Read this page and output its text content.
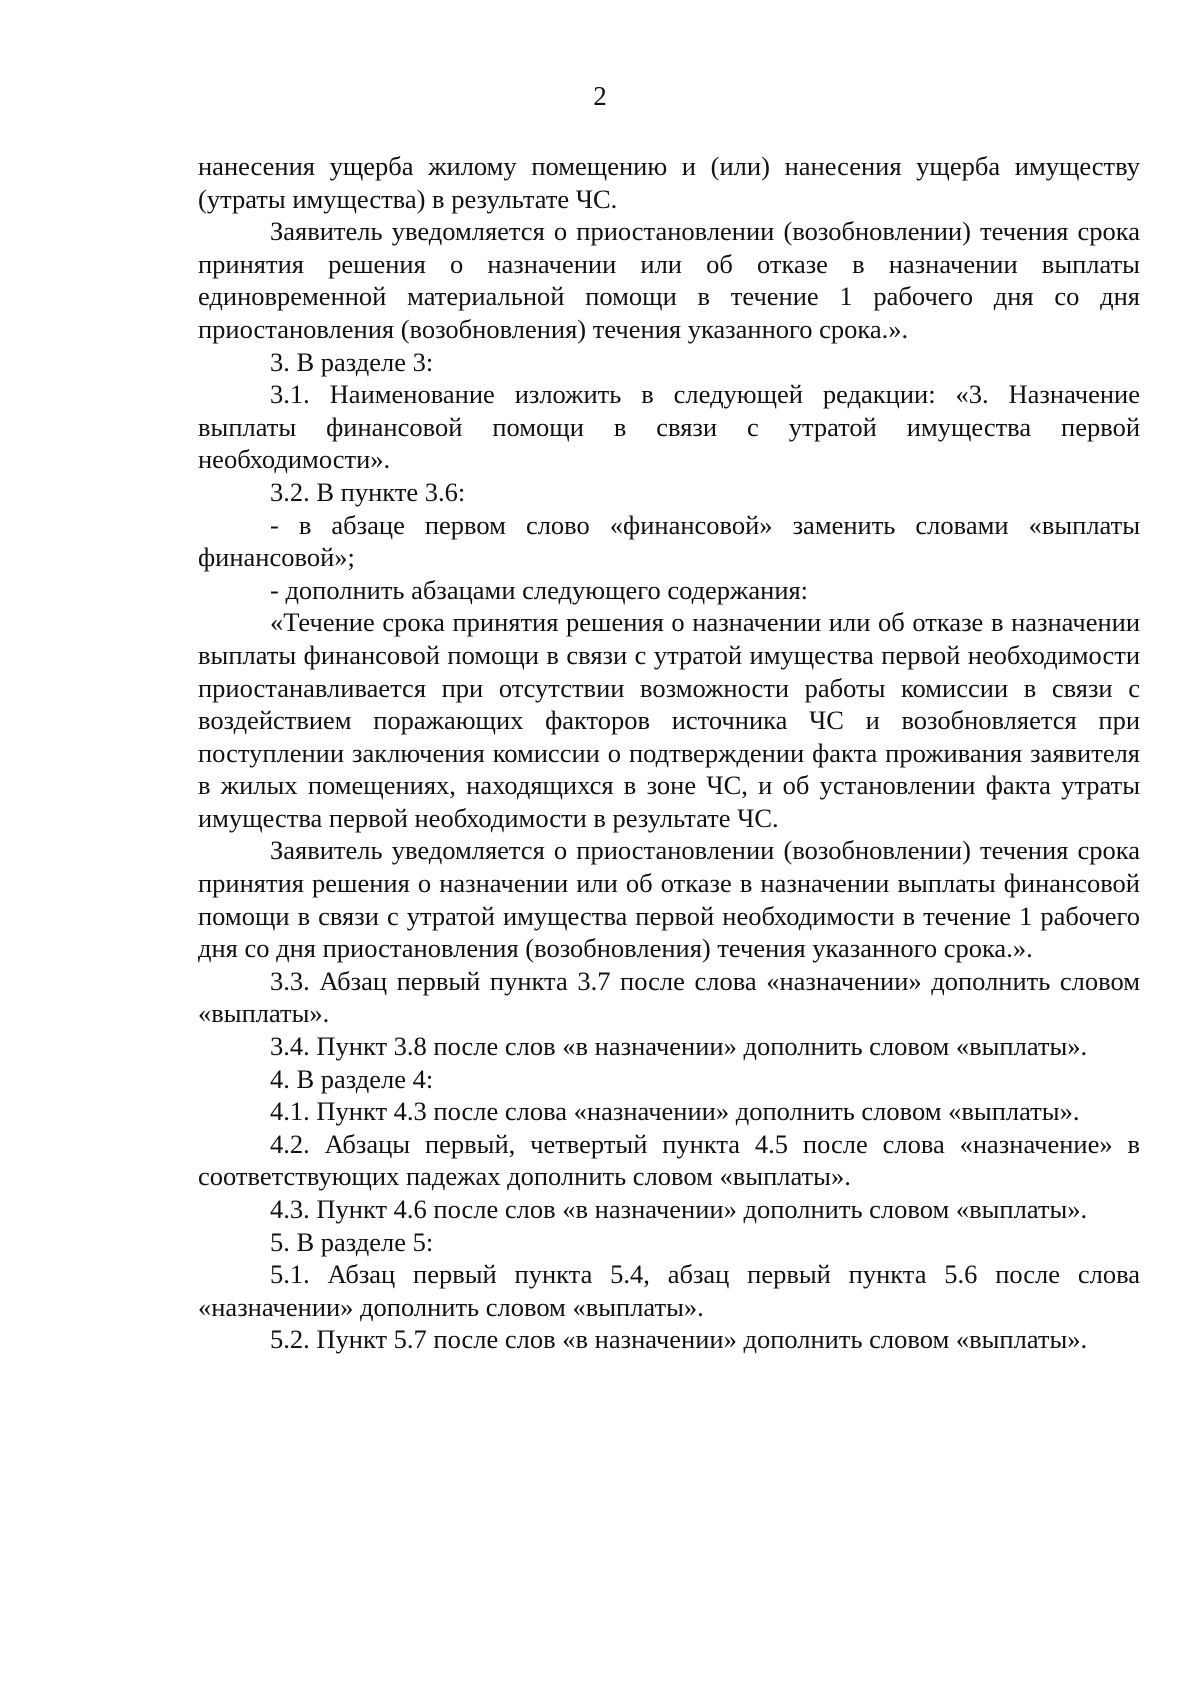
2

нанесения ущерба жилому помещению и (или) нанесения ущерба имуществу (утраты имущества) в результате ЧС.

Заявитель уведомляется о приостановлении (возобновлении) течения срока принятия решения о назначении или об отказе в назначении выплаты единовременной материальной помощи в течение 1 рабочего дня со дня приостановления (возобновления) течения указанного срока.».

3. В разделе 3:

3.1. Наименование изложить в следующей редакции: «3. Назначение выплаты финансовой помощи в связи с утратой имущества первой необходимости».

3.2. В пункте 3.6:

- в абзаце первом слово «финансовой» заменить словами «выплаты финансовой»;

- дополнить абзацами следующего содержания:

«Течение срока принятия решения о назначении или об отказе в назначении выплаты финансовой помощи в связи с утратой имущества первой необходимости приостанавливается при отсутствии возможности работы комиссии в связи с воздействием поражающих факторов источника ЧС и возобновляется при поступлении заключения комиссии о подтверждении факта проживания заявителя в жилых помещениях, находящихся в зоне ЧС, и об установлении факта утраты имущества первой необходимости в результате ЧС.

Заявитель уведомляется о приостановлении (возобновлении) течения срока принятия решения о назначении или об отказе в назначении выплаты финансовой помощи в связи с утратой имущества первой необходимости в течение 1 рабочего дня со дня приостановления (возобновления) течения указанного срока.».

3.3. Абзац первый пункта 3.7 после слова «назначении» дополнить словом «выплаты».

3.4. Пункт 3.8 после слов «в назначении» дополнить словом «выплаты».

4. В разделе 4:

4.1. Пункт 4.3 после слова «назначении» дополнить словом «выплаты».

4.2. Абзацы первый, четвертый пункта 4.5 после слова «назначение» в соответствующих падежах дополнить словом «выплаты».

4.3. Пункт 4.6 после слов «в назначении» дополнить словом «выплаты».

5. В разделе 5:

5.1. Абзац первый пункта 5.4, абзац первый пункта 5.6 после слова «назначении» дополнить словом «выплаты».

5.2. Пункт 5.7 после слов «в назначении» дополнить словом «выплаты».
